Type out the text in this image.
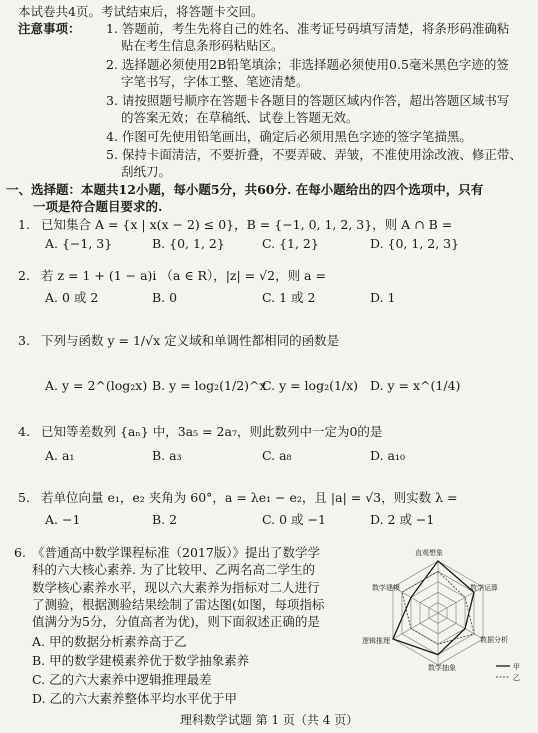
本试卷共4页。考试结束后，将答题卡交回。
注意事项： 1. 答题前，考生先将自己的姓名、准考证号码填写清楚，将条形码准确粘
贴在考生信息条形码粘贴区。
2. 选择题必须使用2B铅笔填涂；非选择题必须使用0.5毫米黑色字迹的签
字笔书写，字体工整、笔迹清楚。
3. 请按照题号顺序在答题卡各题目的答题区域内作答，超出答题区域书写
的答案无效；在草稿纸、试卷上答题无效。
4. 作图可先使用铅笔画出，确定后必须用黑色字迹的签字笔描黑。
5. 保持卡面清洁，不要折叠，不要弄破、弄皱，不准使用涂改液、修正带、
刮纸刀。
一、选择题：本题共12小题，每小题5分，共60分. 在每小题给出的四个选项中，只有
一项是符合题目要求的.
1. 已知集合 A = {x | x(x − 2) ≤ 0}，B = {−1, 0, 1, 2, 3}，则 A ∩ B =
A. {−1, 3}	B. {0, 1, 2}	C. {1, 2}	D. {0, 1, 2, 3}
2. 若 z = 1 + (1 − a)i （a ∈ R），|z| = √2，则 a =
A. 0 或 2	B. 0	C. 1 或 2	D. 1
3. 下列与函数 y = 1/√x 定义域和单调性都相同的函数是
A. y = 2^(log₂x) B. y = log₂(1/2)^x
C. y = log₂(1/x) D. y = x^(1/4)
4. 已知等差数列 {aₙ} 中，3a₅ = 2a₇，则此数列中一定为0的是
A. a₁	B. a₃	C. a₈	D. a₁₀
5. 若单位向量 e₁，e₂ 夹角为 60°，a = λe₁ − e₂，且 |a| = √3，则实数 λ =
A. −1	B. 2	C. 0 或 −1	D. 2 或 −1
6. 《普通高中数学课程标准（2017版）》提出了数学学
科的六大核心素养. 为了比较甲、乙两名高二学生的
数学核心素养水平，现以六大素养为指标对二人进行
了测验，根据测验结果绘制了雷达图(如图，每项指标
值满分为5分，分值高者为优)，则下面叙述正确的是
A. 甲的数据分析素养高于乙
B. 甲的数学建模素养优于数学抽象素养
C. 乙的六大素养中逻辑推理最差
D. 乙的六大素养整体平均水平优于甲
直观想象
数学运算
数据分析
数学抽象
逻辑推理
数学建模
甲
乙
理科数学试题 第 1 页（共 4 页）
